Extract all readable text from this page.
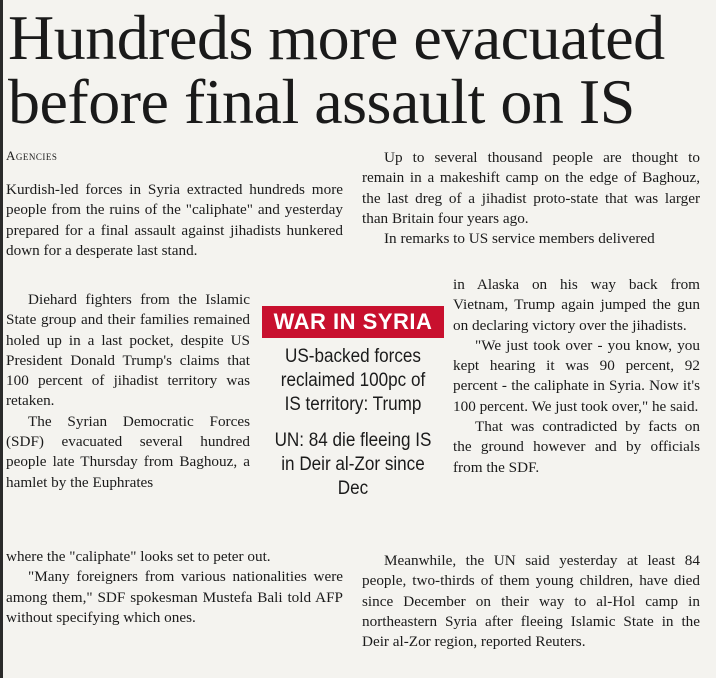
Hundreds more evacuated
before final assault on IS
Agencies

Kurdish-led forces in Syria extracted hundreds more people from the ruins of the "caliphate" and yesterday prepared for a final assault against jihadists hunkered down for a desperate last stand.

Diehard fighters from the Islamic State group and their families remained holed up in a last pocket, despite US President Donald Trump's claims that 100 percent of jihadist territory was retaken.

The Syrian Democratic Forces (SDF) evacuated several hundred people late Thursday from Baghouz, a hamlet by the Euphrates

where the "caliphate" looks set to peter out.

"Many foreigners from various nationalities were among them," SDF spokesman Mustefa Bali told AFP without specifying which ones.

WAR IN SYRIA
US-backed forces reclaimed 100pc of IS territory: Trump
UN: 84 die fleeing IS in Deir al-Zor since Dec

Up to several thousand people are thought to remain in a makeshift camp on the edge of Baghouz, the last dreg of a jihadist proto-state that was larger than Britain four years ago.

In remarks to US service members delivered

in Alaska on his way back from Vietnam, Trump again jumped the gun on declaring victory over the jihadists.

"We just took over - you know, you kept hearing it was 90 percent, 92 percent - the caliphate in Syria. Now it's 100 percent. We just took over," he said.

That was contradicted by facts on the ground however and by officials from the SDF.

Meanwhile, the UN said yesterday at least 84 people, two-thirds of them young children, have died since December on their way to al-Hol camp in northeastern Syria after fleeing Islamic State in the Deir al-Zor region, reported Reuters.
